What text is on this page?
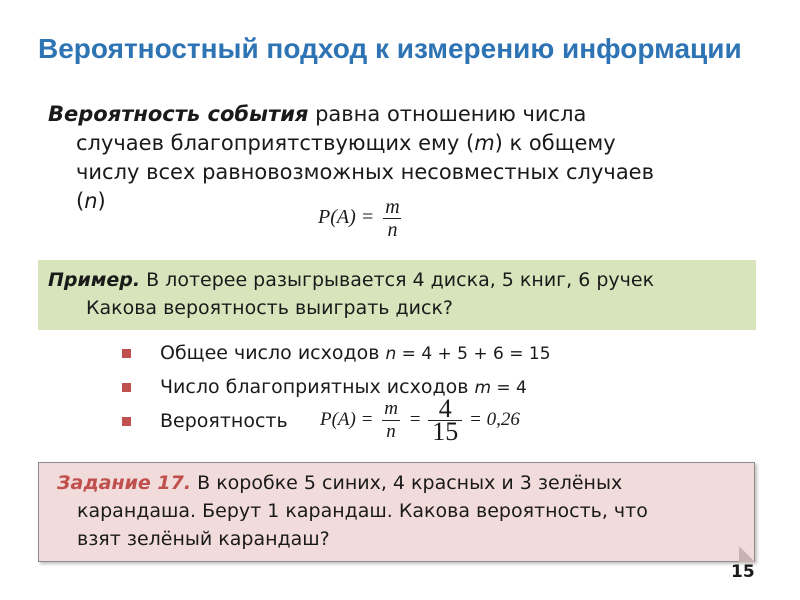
Вероятностный подход к измерению информации
Вероятность события равна отношению числа
случаев благоприятствующих ему (m) к общему
числу всех равновозможных несовместных случаев
(n)
$P(A) = \frac{m}{n}$
Пример. В лотерее разыгрывается 4 диска, 5 книг, 6 ручек
Какова вероятность выиграть диск?
Общее число исходов n = 4 + 5 + 6 = 15
Число благоприятных исходов m = 4
Вероятность	$P(A) = \frac{m}{n} = \frac{4}{15} = 0,26$
Задание 17. В коробке 5 синих, 4 красных и 3 зелёных
карандаша. Берут 1 карандаш. Какова вероятность, что
взят зелёный карандаш?
15
